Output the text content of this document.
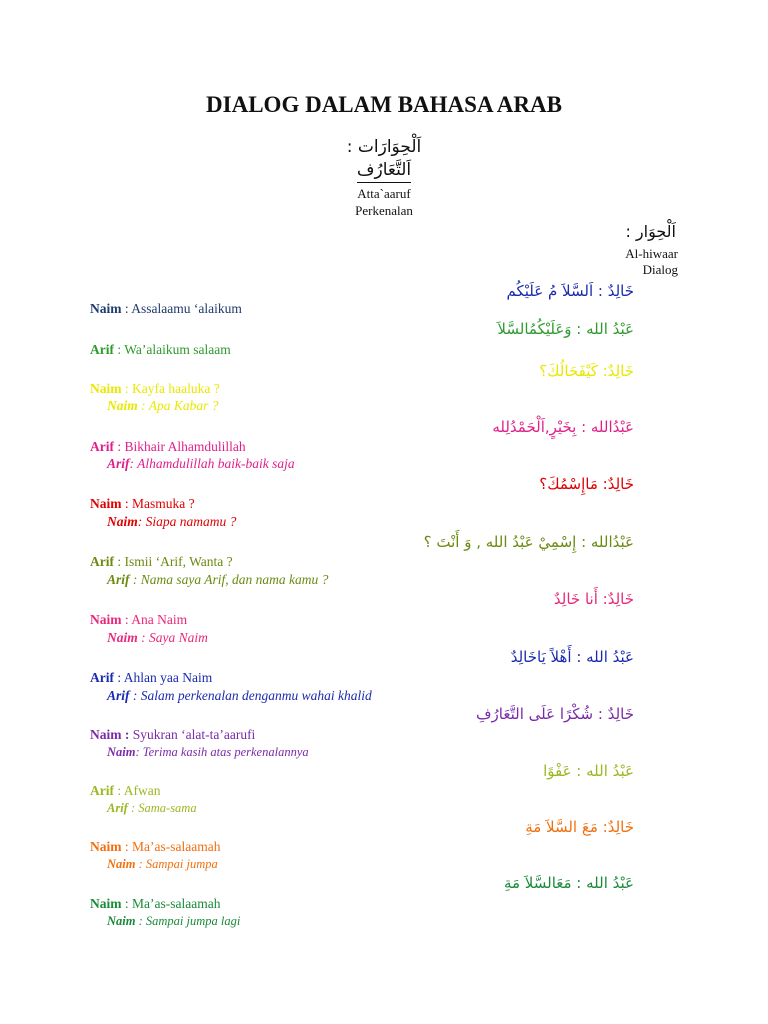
DIALOG DALAM BAHASA ARAB
اَلْحِوَارَات :
اَلتَّعَارُف
Atta`aaruf
Perkenalan
اَلْحِوَار :
Al-hiwaar
Dialog
خَالِدٌ : اَلسَّلاَ مُ عَلَيْكُم
Naim : Assalaamu ‘alaikum
عَبْدُ الله : وَعَلَيْكُمُالسَّلاَ
Arif : Wa’alaikum salaam
خَالِدٌ: كَيْفَحَالُكَ؟
Naim : Kayfa haaluka ?
Naim : Apa Kabar ?
عَبْدُالله : بِخَيْرٍ,اَلْحَمْدُلِله
Arif : Bikhair Alhamdulillah
Arif: Alhamdulillah baik-baik saja
خَالِدٌ: مَاإِسْمُكَ؟
Naim : Masmuka ?
Naim: Siapa namamu ?
عَبْدُالله : إِسْمِيْ عَبْدُ الله , وَ أَنْتَ ؟
Arif : Ismii ‘Arif, Wanta ?
Arif : Nama saya Arif, dan nama kamu ?
خَالِدٌ: أَنا خَالِدٌ
Naim : Ana Naim
Naim : Saya Naim
عَبْدُ الله : أَهْلاً يَاخَالِدٌ
Arif : Ahlan yaa Naim
Arif : Salam perkenalan denganmu wahai khalid
خَالِدٌ : شُكْرًا عَلَى التَّعَارُفِ
Naim : Syukran ‘alat-ta’aarufi
Naim: Terima kasih atas perkenalannya
عَبْدُ الله : عَفْوًا
Arif : Afwan
Arif : Sama-sama
خَالِدٌ: مَعَ السَّلاَ مَةِ
Naim : Ma’as-salaamah
Naim : Sampai jumpa
عَبْدُ الله : مَعَالسَّلاَ مَةِ
Naim : Ma’as-salaamah
Naim : Sampai jumpa lagi
